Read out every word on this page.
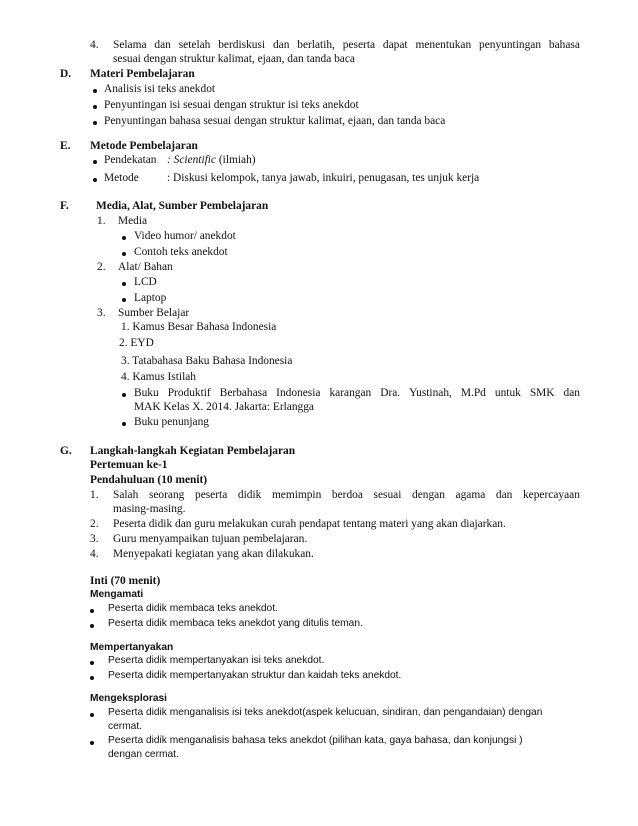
4. Selama dan setelah berdiskusi dan berlatih, peserta dapat menentukan penyuntingan bahasa
sesuai dengan struktur kalimat, ejaan, dan tanda baca
D. Materi Pembelajaran
Analisis isi teks anekdot
Penyuntingan isi sesuai dengan struktur isi teks anekdot
Penyuntingan bahasa sesuai dengan struktur kalimat, ejaan, dan tanda baca
E. Metode Pembelajaran
Pendekatan : Scientific (ilmiah)
Metode : Diskusi kelompok, tanya jawab, inkuiri, penugasan, tes unjuk kerja
F. Media, Alat, Sumber Pembelajaran
1. Media
Video humor/ anekdot
Contoh teks anekdot
2. Alat/ Bahan
LCD
Laptop
3. Sumber Belajar
1. Kamus Besar Bahasa Indonesia
2. EYD
3. Tatabahasa Baku Bahasa Indonesia
4. Kamus Istilah
Buku Produktif Berbahasa Indonesia karangan Dra. Yustinah, M.Pd untuk SMK dan
MAK Kelas X. 2014. Jakarta: Erlangga
Buku penunjang
G. Langkah-langkah Kegiatan Pembelajaran
Pertemuan ke-1
Pendahuluan (10 menit)
1. Salah seorang peserta didik memimpin berdoa sesuai dengan agama dan kepercayaan
masing-masing.
2. Peserta didik dan guru melakukan curah pendapat tentang materi yang akan diajarkan.
3. Guru menyampaikan tujuan pembelajaran.
4. Menyepakati kegiatan yang akan dilakukan.
Inti (70 menit)
Mengamati
Peserta didik membaca teks anekdot.
Peserta didik membaca teks anekdot yang ditulis teman.
Mempertanyakan
Peserta didik mempertanyakan isi teks anekdot.
Peserta didik mempertanyakan struktur dan kaidah teks anekdot.
Mengeksplorasi
Peserta didik menganalisis isi teks anekdot(aspek kelucuan, sindiran, dan pengandaian) dengan
cermat.
Peserta didik menganalisis bahasa teks anekdot (pilihan kata, gaya bahasa, dan konjungsi )
dengan cermat.
